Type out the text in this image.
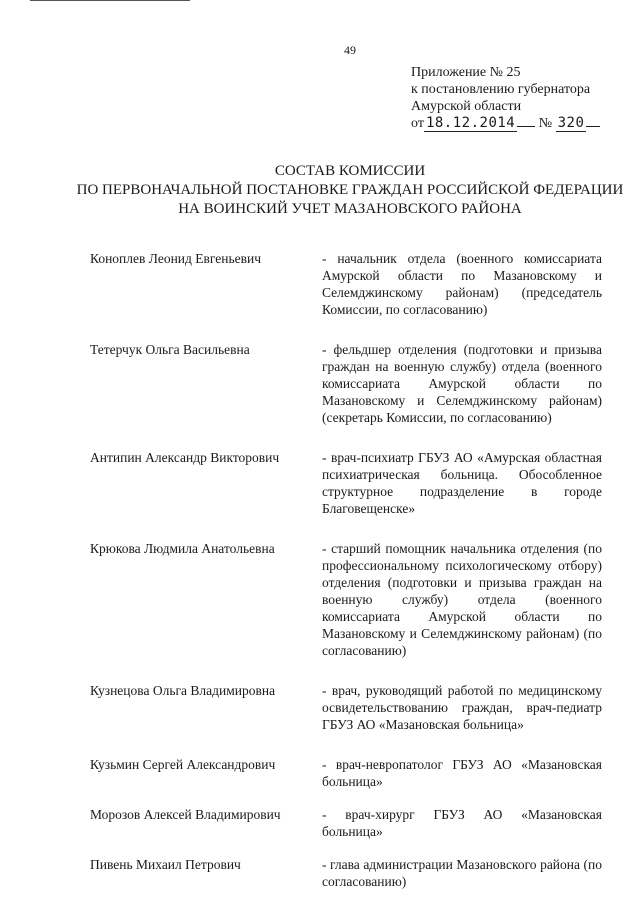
49
Приложение № 25
к постановлению губернатора
Амурской области
от 18.12.2014 № 320
СОСТАВ КОМИССИИ
ПО ПЕРВОНАЧАЛЬНОЙ ПОСТАНОВКЕ ГРАЖДАН РОССИЙСКОЙ ФЕДЕРАЦИИ
НА ВОИНСКИЙ УЧЕТ МАЗАНОВСКОГО РАЙОНА
Коноплев Леонид Евгеньевич	- начальник отдела (военного комиссариата Амурской области по Мазановскому и Селемджинскому районам) (председатель Комиссии, по согласованию)
Тетерчук Ольга Васильевна	- фельдшер отделения (подготовки и призыва граждан на военную службу) отдела (военного комиссариата Амурской области по Мазановскому и Селемджинскому районам) (секретарь Комиссии, по согласованию)
Антипин Александр Викторович	- врач-психиатр ГБУЗ АО «Амурская областная психиатрическая больница. Обособленное структурное подразделение в городе Благовещенске»
Крюкова Людмила Анатольевна	- старший помощник начальника отделения (по профессиональному психологическому отбору) отделения (подготовки и призыва граждан на военную службу) отдела (военного комиссариата Амурской области по Мазановскому и Селемджинскому районам) (по согласованию)
Кузнецова Ольга Владимировна	- врач, руководящий работой по медицинскому освидетельствованию граждан, врач-педиатр ГБУЗ АО «Мазановская больница»
Кузьмин Сергей Александрович	- врач-невропатолог ГБУЗ АО «Мазановская больница»
Морозов Алексей Владимирович	- врач-хирург ГБУЗ АО «Мазановская больница»
Пивень Михаил Петрович	- глава администрации Мазановского района (по согласованию)
